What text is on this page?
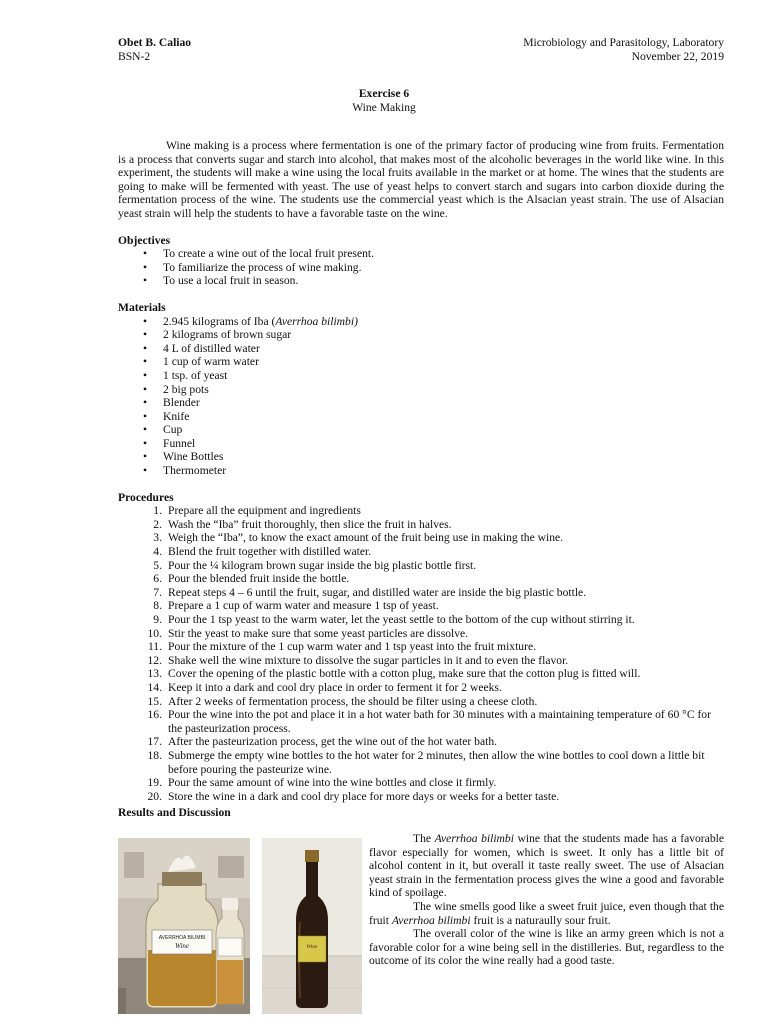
Obet B. Caliao	Microbiology and Parasitology, Laboratory
BSN-2	November 22, 2019
Exercise 6
Wine Making

Wine making is a process where fermentation is one of the primary factor of producing wine from fruits. Fermentation is a process that converts sugar and starch into alcohol, that makes most of the alcoholic beverages in the world like wine. In this experiment, the students will make a wine using the local fruits available in the market or at home. The wines that the students are going to make will be fermented with yeast. The use of yeast helps to convert starch and sugars into carbon dioxide during the fermentation process of the wine. The students use the commercial yeast which is the Alsacian yeast strain. The use of Alsacian yeast strain will help the students to have a favorable taste on the wine.

Objectives
• To create a wine out of the local fruit present.
• To familiarize the process of wine making.
• To use a local fruit in season.
Materials
• 2.945 kilograms of Iba (Averrhoa bilimbi)
• 2 kilograms of brown sugar
• 4 L of distilled water
• 1 cup of warm water
• 1 tsp. of yeast
• 2 big pots
• Blender
• Knife
• Cup
• Funnel
• Wine Bottles
• Thermometer
Procedures
1. Prepare all the equipment and ingredients
2. Wash the “Iba” fruit thoroughly, then slice the fruit in halves.
3. Weigh the “Iba”, to know the exact amount of the fruit being use in making the wine.
4. Blend the fruit together with distilled water.
5. Pour the ¼ kilogram brown sugar inside the big plastic bottle first.
6. Pour the blended fruit inside the bottle.
7. Repeat steps 4 – 6 until the fruit, sugar, and distilled water are inside the big plastic bottle.
8. Prepare a 1 cup of warm water and measure 1 tsp of yeast.
9. Pour the 1 tsp yeast to the warm water, let the yeast settle to the bottom of the cup without stirring it.
10. Stir the yeast to make sure that some yeast particles are dissolve.
11. Pour the mixture of the 1 cup warm water and 1 tsp yeast into the fruit mixture.
12. Shake well the wine mixture to dissolve the sugar particles in it and to even the flavor.
13. Cover the opening of the plastic bottle with a cotton plug, make sure that the cotton plug is fitted will.
14. Keep it into a dark and cool dry place in order to ferment it for 2 weeks.
15. After 2 weeks of fermentation process, the should be filter using a cheese cloth.
16. Pour the wine into the pot and place it in a hot water bath for 30 minutes with a maintaining temperature of 60 °C for the pasteurization process.
17. After the pasteurization process, get the wine out of the hot water bath.
18. Submerge the empty wine bottles to the hot water for 2 minutes, then allow the wine bottles to cool down a little bit before pouring the pasteurize wine.
19. Pour the same amount of wine into the wine bottles and close it firmly.
20. Store the wine in a dark and cool dry place for more days or weeks for a better taste.
Results and Discussion
AVERRHOA BILIMBI
Wine	Wine

The Averrhoa bilimbi wine that the students made has a favorable flavor especially for women, which is sweet. It only has a little bit of alcohol content in it, but overall it taste really sweet. The use of Alsacian yeast strain in the fermentation process gives the wine a good and favorable kind of spoilage.

The wine smells good like a sweet fruit juice, even though that the fruit Averrhoa bilimbi fruit is a naturaully sour fruit.

The overall color of the wine is like an army green which is not a favorable color for a wine being sell in the distilleries. But, regardless to the outcome of its color the wine really had a good taste.
